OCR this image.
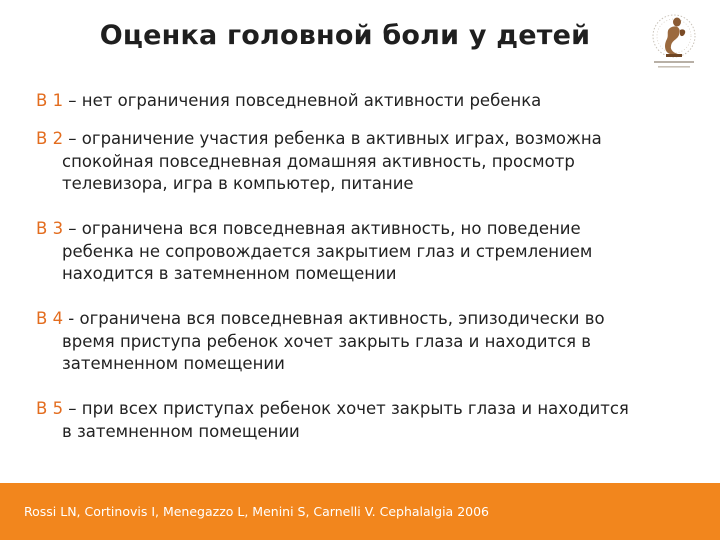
Оценка головной боли у детей
В 1 – нет ограничения повседневной активности ребенка
В 2 – ограничение участия ребенка в активных играх, возможна
спокойная повседневная домашняя активность, просмотр
телевизора, игра в компьютер, питание
В 3 – ограничена вся повседневная активность, но поведение
ребенка не сопровождается закрытием глаз и стремлением
находится в затемненном помещении
В 4 - ограничена вся повседневная активность, эпизодически во
время приступа ребенок хочет закрыть глаза и находится в
затемненном помещении
В 5 – при всех приступах ребенок хочет закрыть глаза и находится
в затемненном помещении
Rossi LN, Cortinovis I, Menegazzo L, Menini S, Carnelli V. Cephalalgia 2006
